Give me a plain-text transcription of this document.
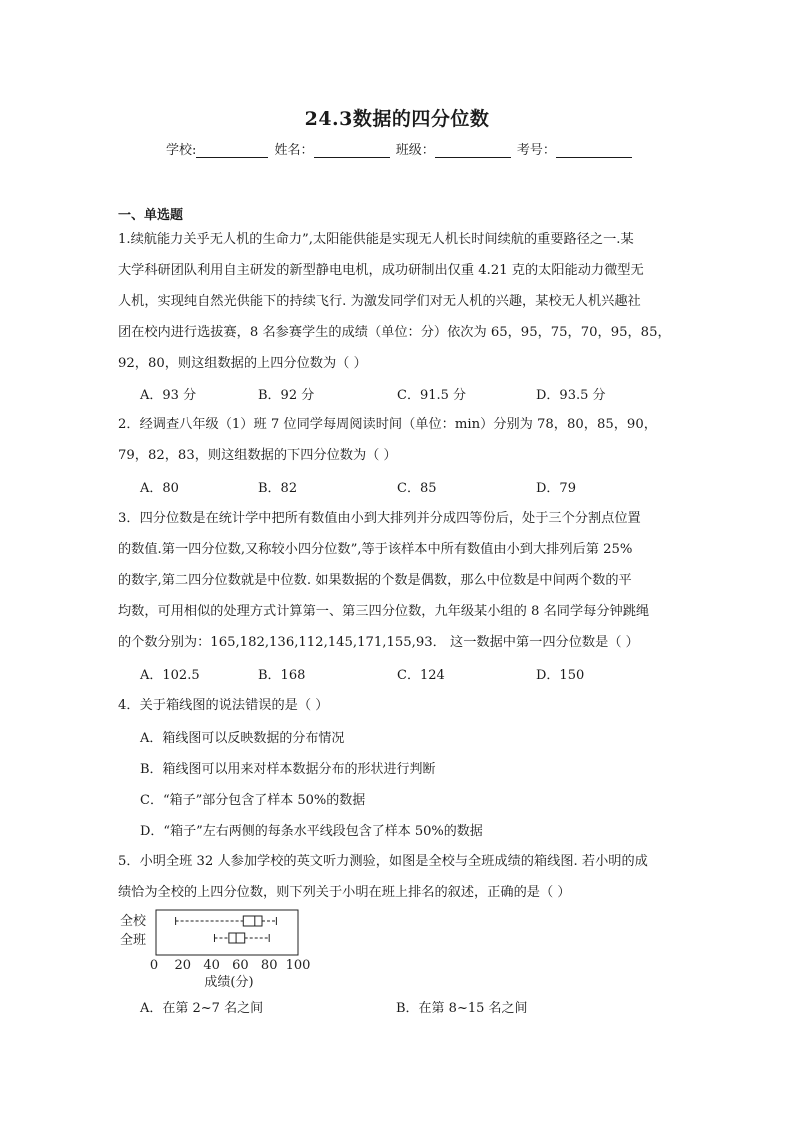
24.3数据的四分位数
学校:	姓名：	班级：	考号：
一、单选题
1.续航能力关乎无人机的生命力”,太阳能供能是实现无人机长时间续航的重要路径之一.某
大学科研团队利用自主研发的新型静电电机，成功研制出仅重 4.21 克的太阳能动力微型无
人机，实现纯自然光供能下的持续飞行. 为激发同学们对无人机的兴趣，某校无人机兴趣社
团在校内进行选拔赛，8 名参赛学生的成绩（单位：分）依次为 65，95，75，70，95，85，
92，80，则这组数据的上四分位数为（ ）
A．93 分	B．92 分	C．91.5 分	D．93.5 分
2．经调查八年级（1）班 7 位同学每周阅读时间（单位：min）分别为 78，80，85，90，
79，82，83，则这组数据的下四分位数为（ ）
A．80	B．82	C．85	D．79
3．四分位数是在统计学中把所有数值由小到大排列并分成四等份后，处于三个分割点位置
的数值.第一四分位数,又称较小四分位数”,等于该样本中所有数值由小到大排列后第 25%
的数字,第二四分位数就是中位数. 如果数据的个数是偶数，那么中位数是中间两个数的平
均数，可用相似的处理方式计算第一、第三四分位数，九年级某小组的 8 名同学每分钟跳绳
的个数分别为：165,182,136,112,145,171,155,93． 这一数据中第一四分位数是（ ）
A．102.5	B．168	C．124	D．150
4．关于箱线图的说法错误的是（ ）
A．箱线图可以反映数据的分布情况
B．箱线图可以用来对样本数据分布的形状进行判断
C．“箱子”部分包含了样本 50%的数据
D．“箱子”左右两侧的每条水平线段包含了样本 50%的数据
5．小明全班 32 人参加学校的英文听力测验，如图是全校与全班成绩的箱线图. 若小明的成
绩恰为全校的上四分位数，则下列关于小明在班上排名的叙述，正确的是（ ）
全校
全班
0 20 40 60 80 100
成绩(分)
A．在第 2~7 名之间	B．在第 8~15 名之间
